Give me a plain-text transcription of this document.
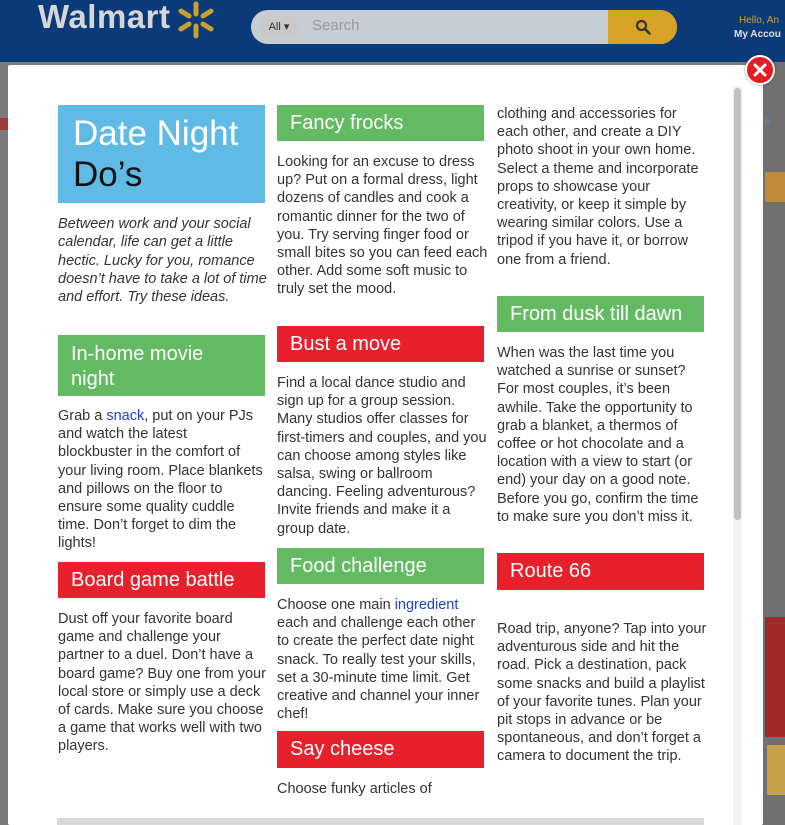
Walmart	All ▾	Search	Hello, An
My Accou
e
Date Night
Do’s
Between work and your social calendar, life can get a little hectic. Lucky for you, romance doesn’t have to take a lot of time and effort. Try these ideas.
In-home movie
night
Grab a snack, put on your PJs and watch the latest blockbuster in the comfort of your living room. Place blankets and pillows on the floor to ensure some quality cuddle time. Don’t forget to dim the lights!
Board game battle
Dust off your favorite board game and challenge your partner to a duel. Don’t have a board game? Buy one from your local store or simply use a deck of cards. Make sure you choose a game that works well with two players.
Fancy frocks
Looking for an excuse to dress up? Put on a formal dress, light dozens of candles and cook a romantic dinner for the two of you. Try serving finger food or small bites so you can feed each other. Add some soft music to truly set the mood.
Bust a move
Find a local dance studio and sign up for a group session. Many studios offer classes for first-timers and couples, and you can choose among styles like salsa, swing or ballroom dancing. Feeling adventurous? Invite friends and make it a group date.
Food challenge
Choose one main ingredient each and challenge each other to create the perfect date night snack. To really test your skills, set a 30-minute time limit. Get creative and channel your inner chef!
Say cheese
Choose funky articles of
clothing and accessories for each other, and create a DIY photo shoot in your own home. Select a theme and incorporate props to showcase your creativity, or keep it simple by wearing similar colors. Use a tripod if you have it, or borrow one from a friend.
From dusk till dawn
When was the last time you watched a sunrise or sunset? For most couples, it’s been awhile. Take the opportunity to grab a blanket, a thermos of coffee or hot chocolate and a location with a view to start (or end) your day on a good note. Before you go, confirm the time to make sure you don’t miss it.
Route 66
Road trip, anyone? Tap into your adventurous side and hit the road. Pick a destination, pack some snacks and build a playlist of your favorite tunes. Plan your pit stops in advance or be spontaneous, and don’t forget a camera to document the trip.
